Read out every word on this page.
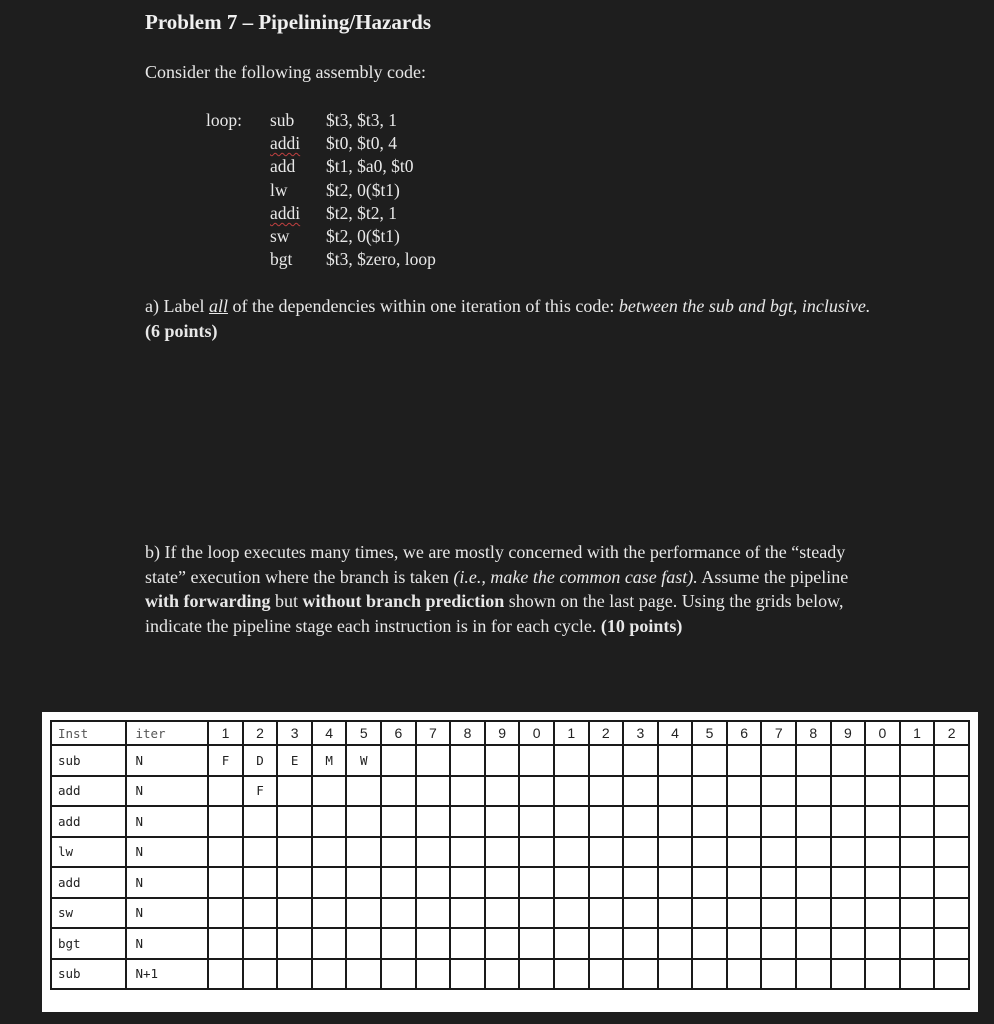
Problem 7 – Pipelining/Hazards
Consider the following assembly code:
loop:	sub	$t3, $t3, 1
addi	$t0, $t0, 4
add	$t1, $a0, $t0
lw	$t2, 0($t1)
addi	$t2, $t2, 1
sw	$t2, 0($t1)
bgt	$t3, $zero, loop
a) Label all of the dependencies within one iteration of this code: between the sub and bgt, inclusive. (6 points)
b) If the loop executes many times, we are mostly concerned with the performance of the “steady state” execution where the branch is taken (i.e., make the common case fast). Assume the pipeline with forwarding but without branch prediction shown on the last page. Using the grids below, indicate the pipeline stage each instruction is in for each cycle. (10 points)
Inst	iter	1	2	3	4	5	6	7	8	9	0	1	2	3	4	5	6	7	8	9	0	1	2
sub	N	F	D	E	M	W																	
add	N		F																				
add	N																						
lw	N																						
add	N																						
sw	N																						
bgt	N																						
sub	N+1																						
